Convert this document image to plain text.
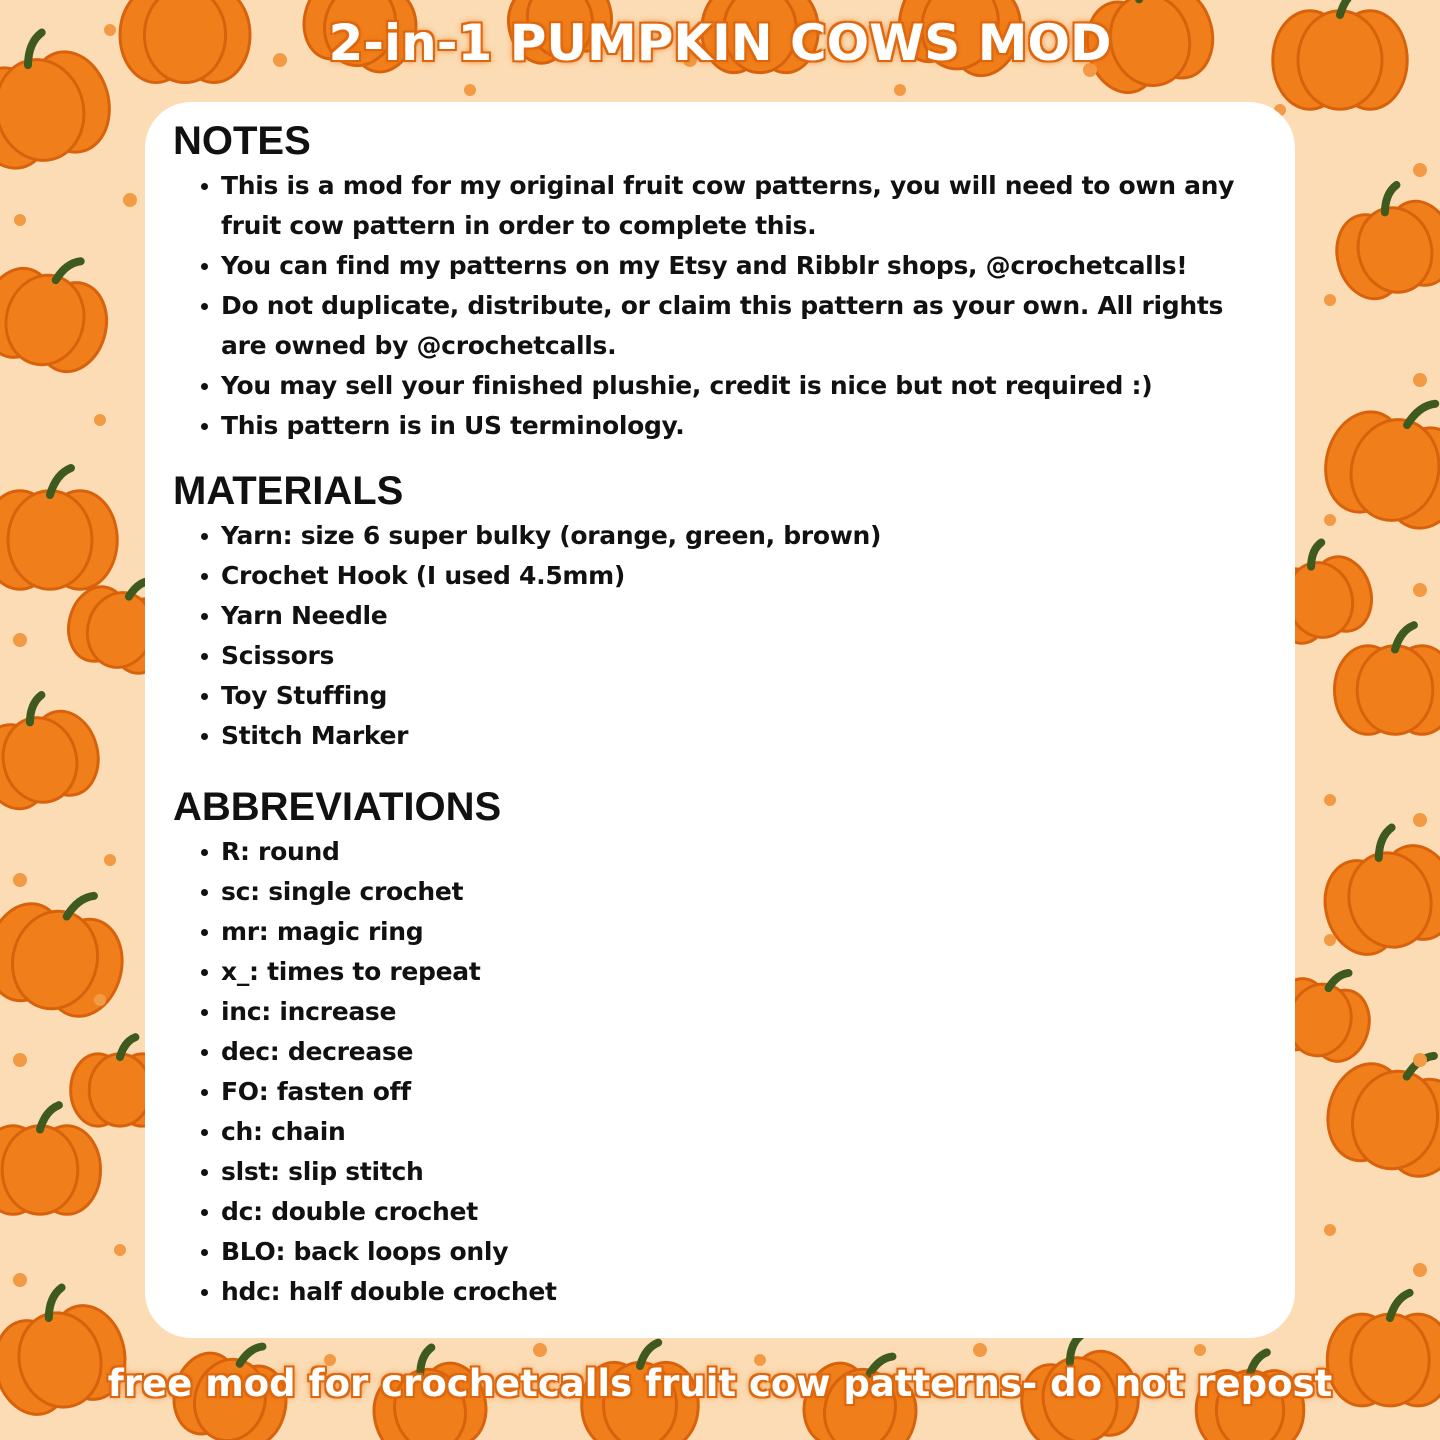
2-in-1 PUMPKIN COWS MOD
NOTES
This is a mod for my original fruit cow patterns, you will need to own any fruit cow pattern in order to complete this.
You can find my patterns on my Etsy and Ribblr shops, @crochetcalls!
Do not duplicate, distribute, or claim this pattern as your own. All rights are owned by @crochetcalls.
You may sell your finished plushie, credit is nice but not required :)
This pattern is in US terminology.
MATERIALS
Yarn: size 6 super bulky (orange, green, brown)
Crochet Hook (I used 4.5mm)
Yarn Needle
Scissors
Toy Stuffing
Stitch Marker
ABBREVIATIONS
R: round
sc: single crochet
mr: magic ring
x_: times to repeat
inc: increase
dec: decrease
FO: fasten off
ch: chain
slst: slip stitch
dc: double crochet
BLO: back loops only
hdc: half double crochet
free mod for crochetcalls fruit cow patterns- do not repost
